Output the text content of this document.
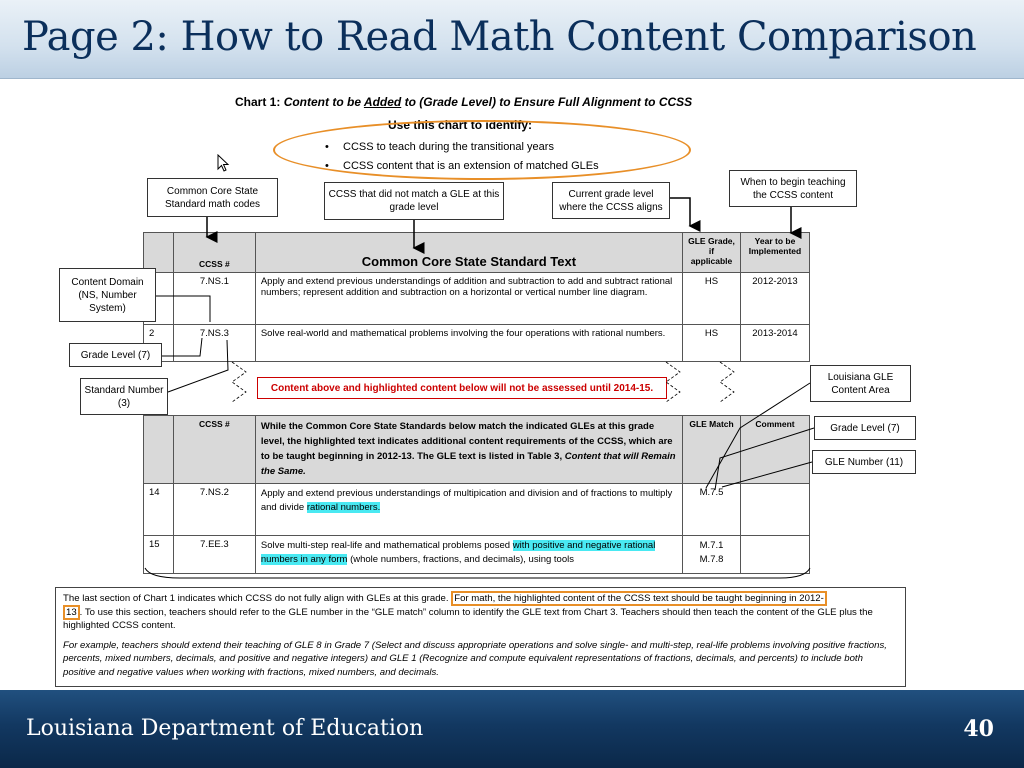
Page 2: How to Read Math Content Comparison
Chart 1: Content to be Added to (Grade Level) to Ensure Full Alignment to CCSS
Use this chart to identify:
• CCSS to teach during the transitional years
• CCSS content that is an extension of matched GLEs
Common Core State Standard math codes
CCSS that did not match a GLE at this grade level
Current grade level where the CCSS aligns
When to begin teaching the CCSS content
	CCSS #	Common Core State Standard Text	GLE Grade, if applicable	Year to be Implemented
	7.NS.1	Apply and extend previous understandings of addition and subtraction to add and subtract rational numbers; represent addition and subtraction on a horizontal or vertical number line diagram.	HS	2012-2013
2	7.NS.3	Solve real-world and mathematical problems involving the four operations with rational numbers.	HS	2013-2014
Content above and highlighted content below will not be assessed until 2014-15.
	CCSS #	While the Common Core State Standards below match the indicated GLEs at this grade level, the highlighted text indicates additional content requirements of the CCSS, which are to be taught beginning in 2012-13. The GLE text is listed in Table 3, Content that will Remain the Same.	GLE Match	Comment
14	7.NS.2	Apply and extend previous understandings of multipication and division and of fractions to multiply and divide rational numbers.	M.7.5	
15	7.EE.3	Solve multi-step real-life and mathematical problems posed with positive and negative rational numbers in any form (whole numbers, fractions, and decimals), using tools	M.7.1
M.7.8	

Content Domain (NS, Number System)
Grade Level (7)
Standard Number (3)
Louisiana GLE Content Area
Grade Level (7)
GLE Number (11)

The last section of Chart 1 indicates which CCSS do not fully align with GLEs at this grade. For math, the highlighted content of the CCSS text should be taught beginning in 2012-
13 . To use this section, teachers should refer to the GLE number in the “GLE match” column to identify the GLE text from Chart 3. Teachers should then teach the content of the GLE plus the highlighted CCSS content.

For example, teachers should extend their teaching of GLE 8 in Grade 7 (Select and discuss appropriate operations and solve single- and multi-step, real-life problems involving positive fractions, percents, mixed numbers, decimals, and positive and negative integers) and GLE 1 (Recognize and compute equivalent representations of fractions, decimals, and percents) to include both positive and negative values when working with fractions, mixed numbers, and decimals.

Louisiana Department of Education	40
